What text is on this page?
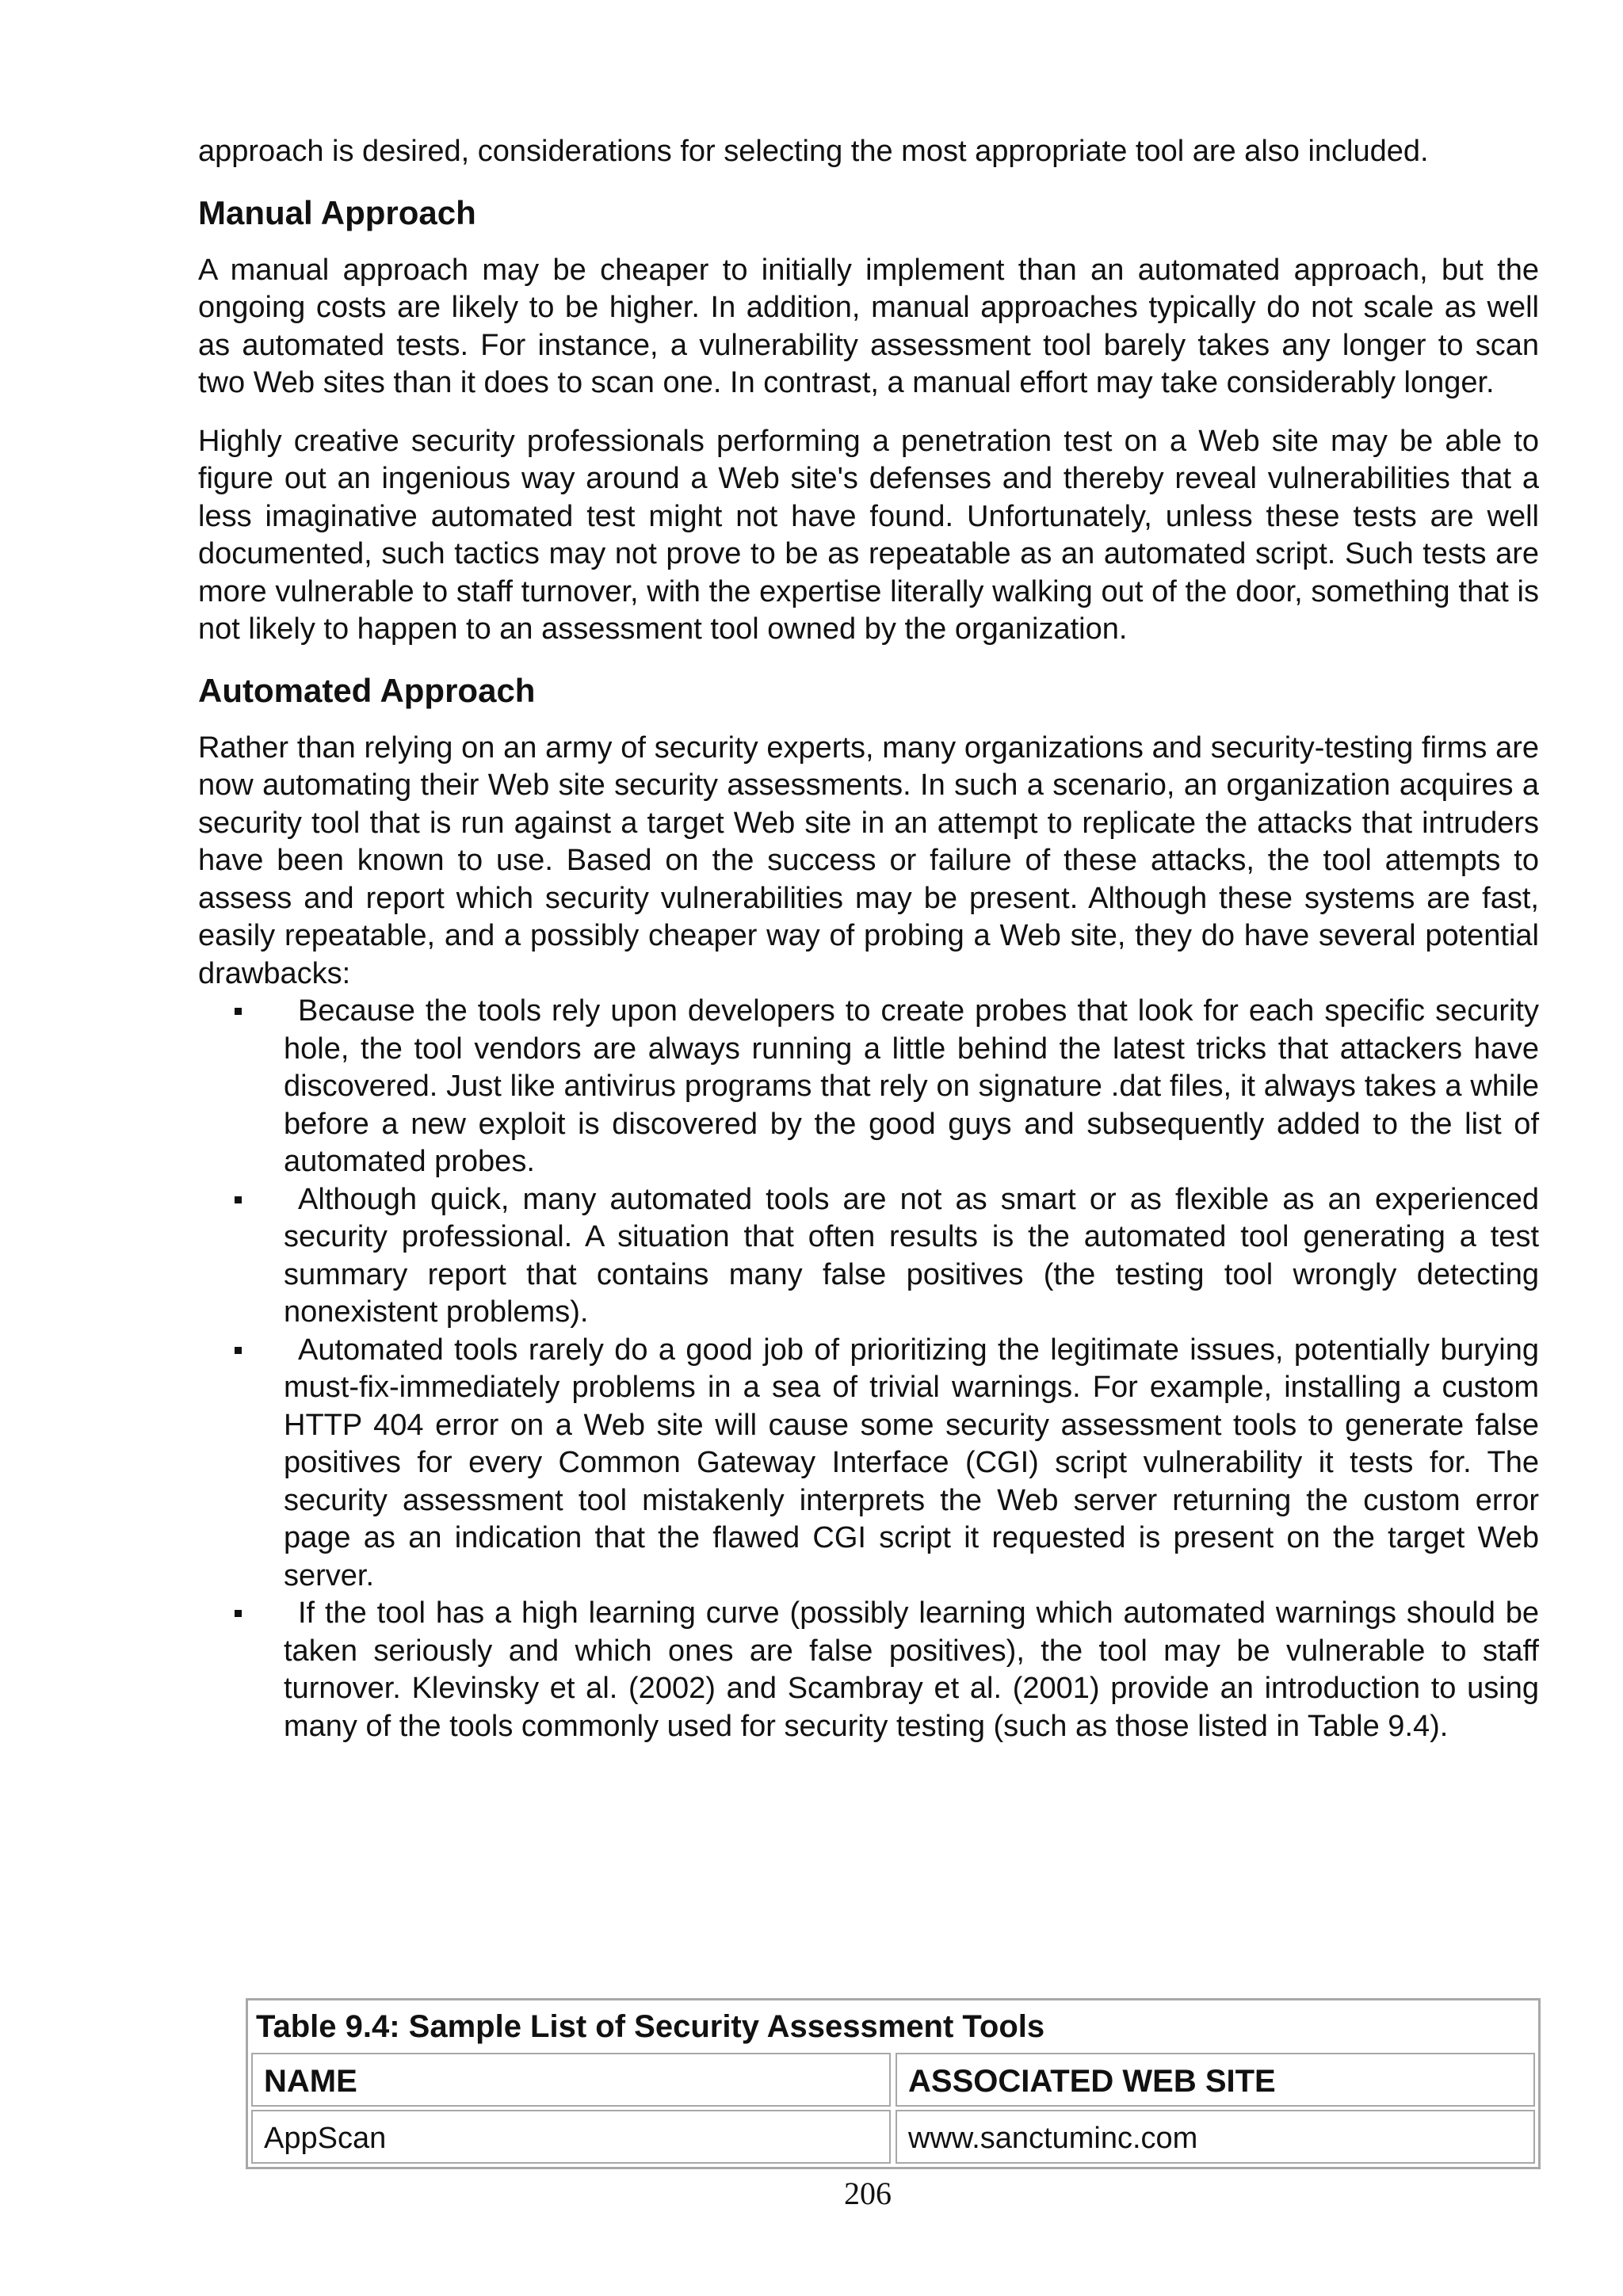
approach is desired, considerations for selecting the most appropriate tool are also included.

Manual Approach

A manual approach may be cheaper to initially implement than an automated approach, but the ongoing costs are likely to be higher. In addition, manual approaches typically do not scale as well as automated tests. For instance, a vulnerability assessment tool barely takes any longer to scan two Web sites than it does to scan one. In contrast, a manual effort may take considerably longer.

Highly creative security professionals performing a penetration test on a Web site may be able to figure out an ingenious way around a Web site's defenses and thereby reveal vulnerabilities that a less imaginative automated test might not have found. Unfortunately, unless these tests are well documented, such tactics may not prove to be as repeatable as an automated script. Such tests are more vulnerable to staff turnover, with the expertise literally walking out of the door, something that is not likely to happen to an assessment tool owned by the organization.

Automated Approach

Rather than relying on an army of security experts, many organizations and security-testing firms are now automating their Web site security assessments. In such a scenario, an organization acquires a security tool that is run against a target Web site in an attempt to replicate the attacks that intruders have been known to use. Based on the success or failure of these attacks, the tool attempts to assess and report which security vulnerabilities may be present. Although these systems are fast, easily repeatable, and a possibly cheaper way of probing a Web site, they do have several potential drawbacks:

Because the tools rely upon developers to create probes that look for each specific security hole, the tool vendors are always running a little behind the latest tricks that attackers have discovered. Just like antivirus programs that rely on signature .dat files, it always takes a while before a new exploit is discovered by the good guys and subsequently added to the list of automated probes.
Although quick, many automated tools are not as smart or as flexible as an experienced security professional. A situation that often results is the automated tool generating a test summary report that contains many false positives (the testing tool wrongly detecting nonexistent problems).
Automated tools rarely do a good job of prioritizing the legitimate issues, potentially burying must-fix-immediately problems in a sea of trivial warnings. For example, installing a custom HTTP 404 error on a Web site will cause some security assessment tools to generate false positives for every Common Gateway Interface (CGI) script vulnerability it tests for. The security assessment tool mistakenly interprets the Web server returning the custom error page as an indication that the flawed CGI script it requested is present on the target Web server.
If the tool has a high learning curve (possibly learning which automated warnings should be taken seriously and which ones are false positives), the tool may be vulnerable to staff turnover. Klevinsky et al. (2002) and Scambray et al. (2001) provide an introduction to using many of the tools commonly used for security testing (such as those listed in Table 9.4).
Table 9.4: Sample List of Security Assessment Tools
NAME	ASSOCIATED WEB SITE
AppScan	www.sanctuminc.com
206
